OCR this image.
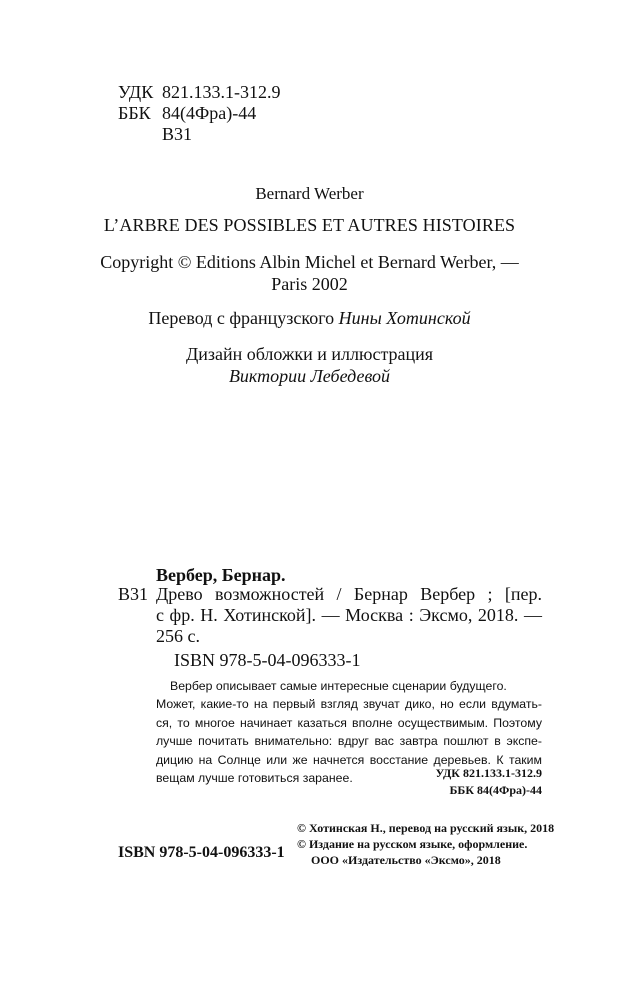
УДК 821.133.1-312.9
ББК 84(4Фра)-44
В31
Bernard Werber
L’ARBRE DES POSSIBLES ET AUTRES HISTOIRES
Copyright © Editions Albin Michel et Bernard Werber, —
Paris 2002
Перевод с французского Нины Хотинской
Дизайн обложки и иллюстрация
Виктории Лебедевой
Вербер, Бернар.
В31 Древо возможностей / Бернар Вербер ; [пер.
с фр. Н. Хотинской]. — Москва : Эксмо, 2018. —
256 с.
ISBN 978-5-04-096333-1
Вербер описывает самые интересные сценарии будущего.
Может, какие-то на первый взгляд звучат дико, но если вдумать-
ся, то многое начинает казаться вполне осуществимым. Поэтому
лучше почитать внимательно: вдруг вас завтра пошлют в экспе-
дицию на Солнце или же начнется восстание деревьев. К таким
вещам лучше готовиться заранее.	УДК 821.133.1-312.9
ББК 84(4Фра)-44
ISBN 978-5-04-096333-1
© Хотинская Н., перевод на русский язык, 2018
© Издание на русском языке, оформление.
ООО «Издательство «Эксмо», 2018
